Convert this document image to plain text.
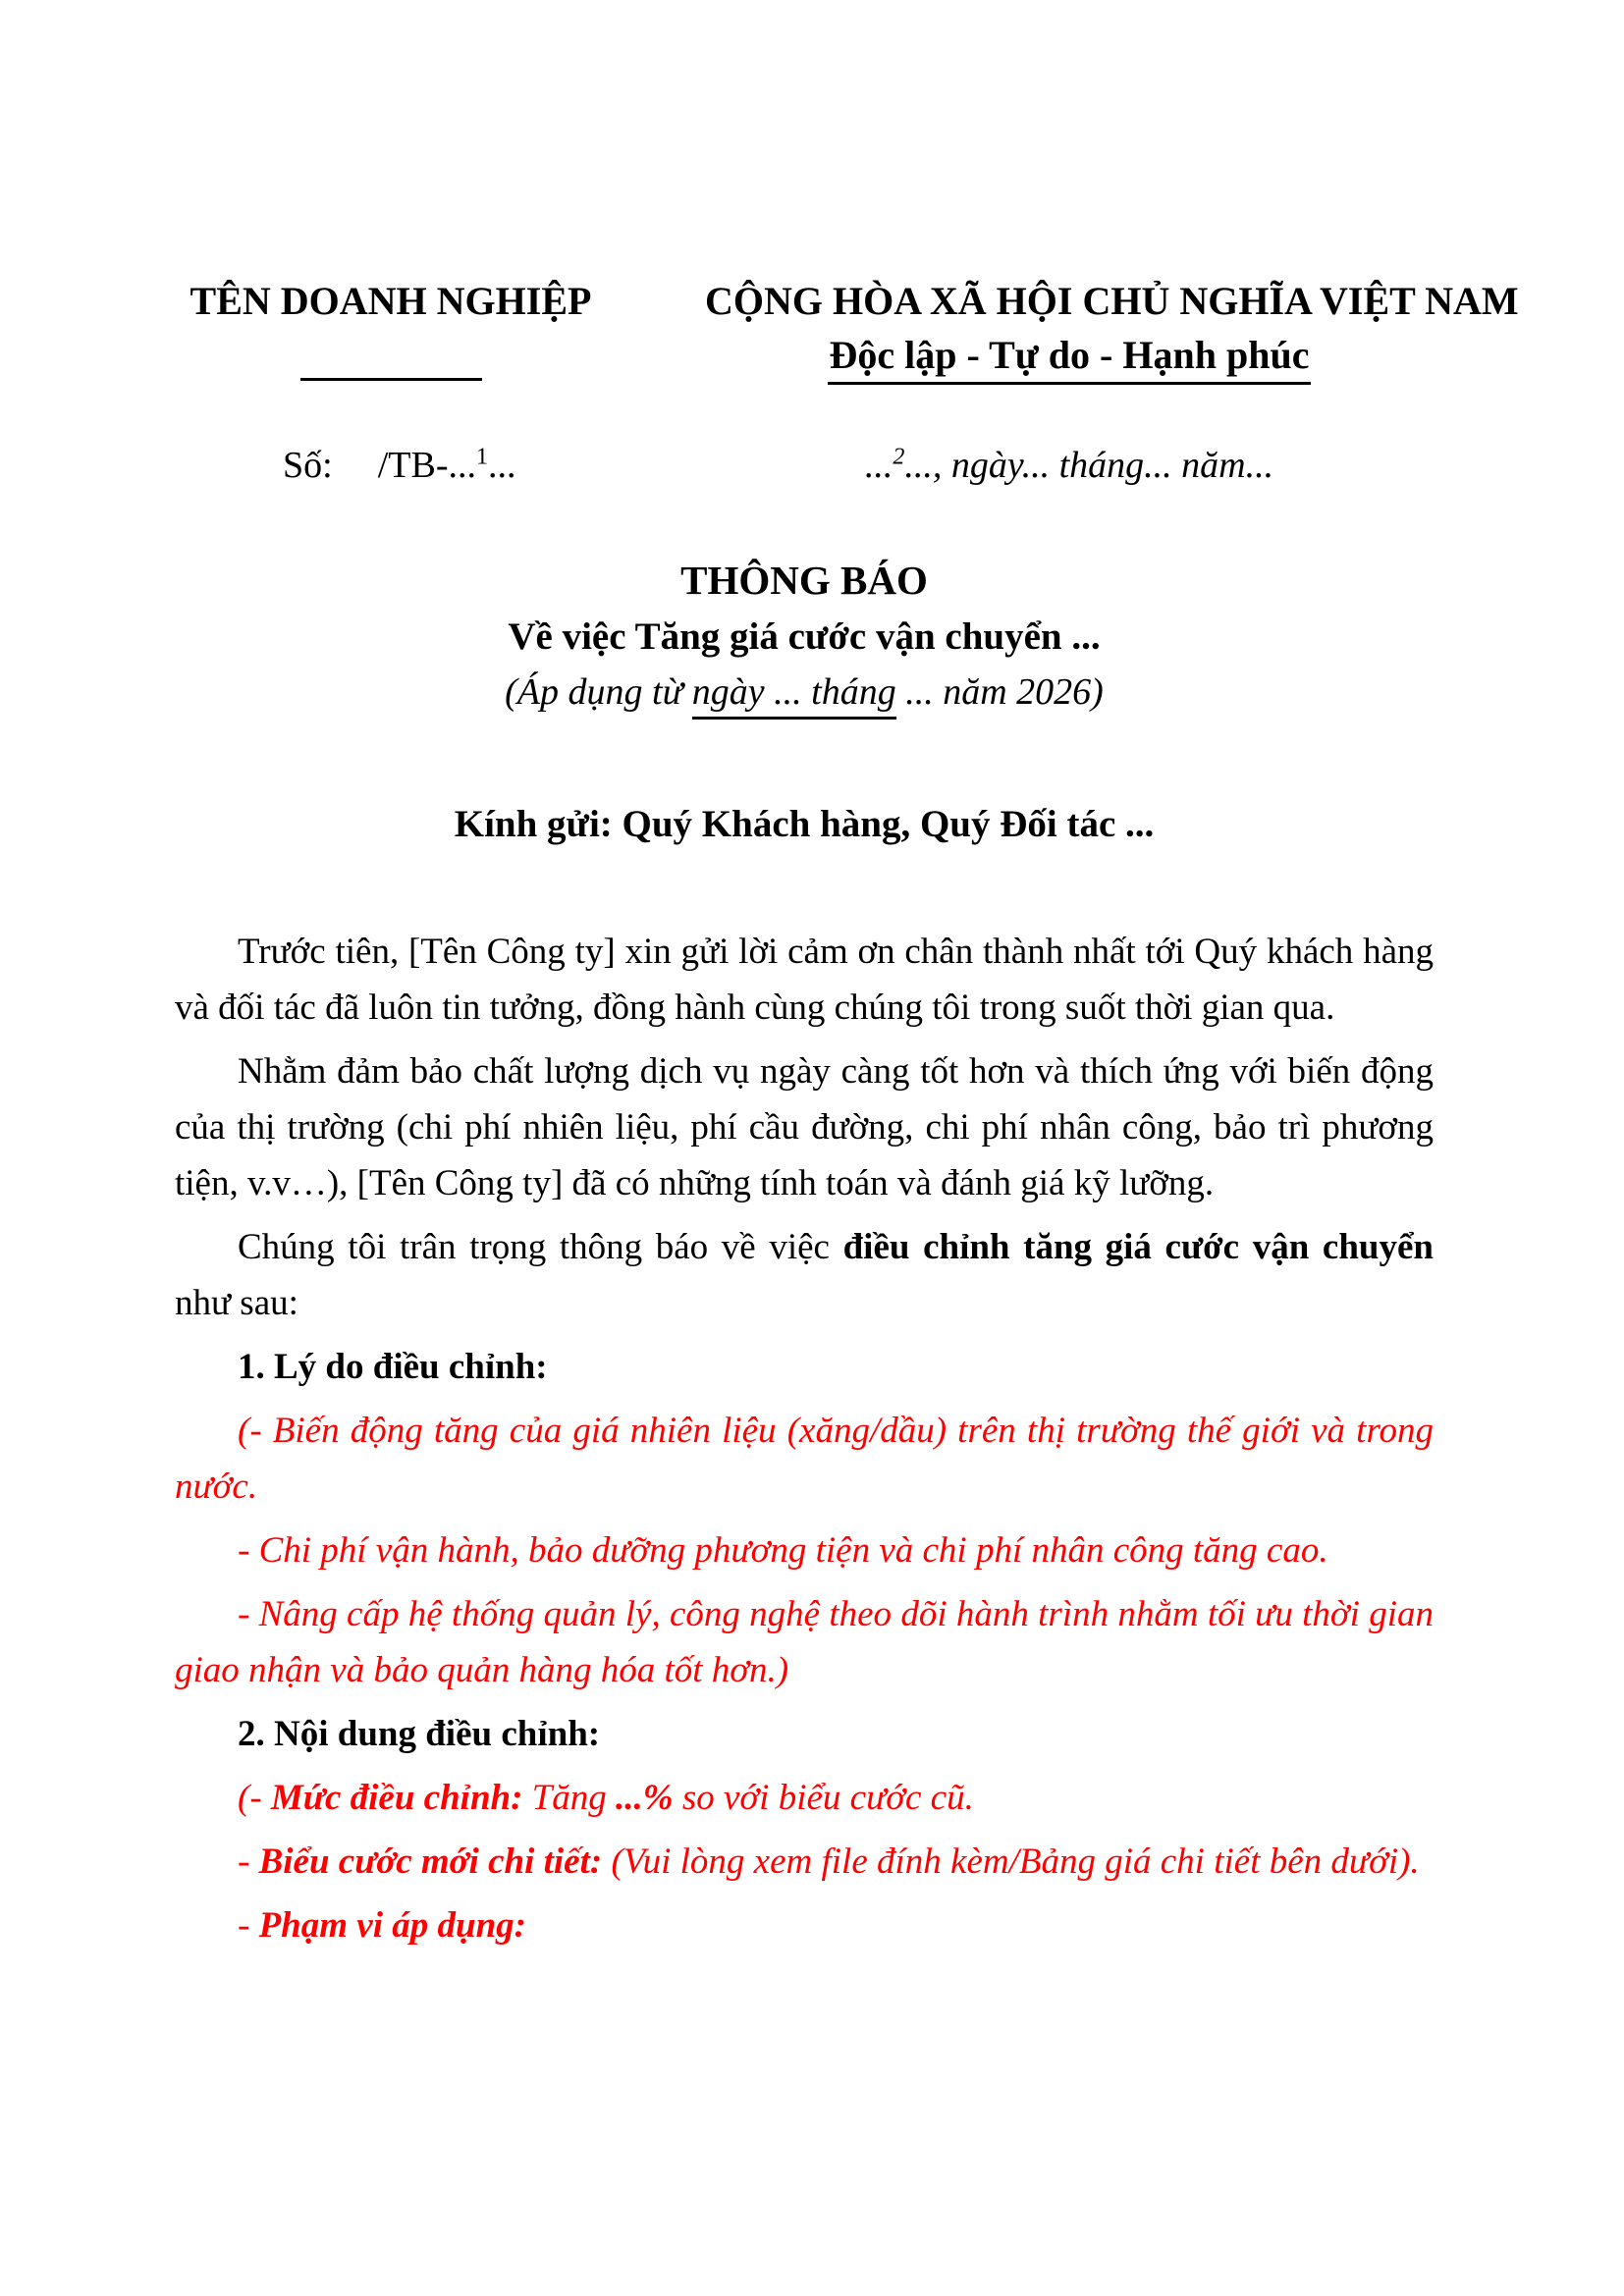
TÊN DOANH NGHIỆP	CỘNG HÒA XÃ HỘI CHỦ NGHĨA VIỆT NAM
Độc lập - Tự do - Hạnh phúc
Số: /TB-...$^1$...	...$^2$..., ngày... tháng... năm...
THÔNG BÁO
Về việc Tăng giá cước vận chuyển ...
(Áp dụng từ ngày ... tháng ... năm 2026)
Kính gửi: Quý Khách hàng, Quý Đối tác ...

Trước tiên, [Tên Công ty] xin gửi lời cảm ơn chân thành nhất tới Quý khách hàng và đối tác đã luôn tin tưởng, đồng hành cùng chúng tôi trong suốt thời gian qua.

Nhằm đảm bảo chất lượng dịch vụ ngày càng tốt hơn và thích ứng với biến động của thị trường (chi phí nhiên liệu, phí cầu đường, chi phí nhân công, bảo trì phương tiện, v.v…), [Tên Công ty] đã có những tính toán và đánh giá kỹ lưỡng.

Chúng tôi trân trọng thông báo về việc điều chỉnh tăng giá cước vận chuyển như sau:

1. Lý do điều chỉnh:

(- Biến động tăng của giá nhiên liệu (xăng/dầu) trên thị trường thế giới và trong nước.

- Chi phí vận hành, bảo dưỡng phương tiện và chi phí nhân công tăng cao.

- Nâng cấp hệ thống quản lý, công nghệ theo dõi hành trình nhằm tối ưu thời gian giao nhận và bảo quản hàng hóa tốt hơn.)

2. Nội dung điều chỉnh:

(- Mức điều chỉnh: Tăng ...% so với biểu cước cũ.

- Biểu cước mới chi tiết: (Vui lòng xem file đính kèm/Bảng giá chi tiết bên dưới).

- Phạm vi áp dụng:
